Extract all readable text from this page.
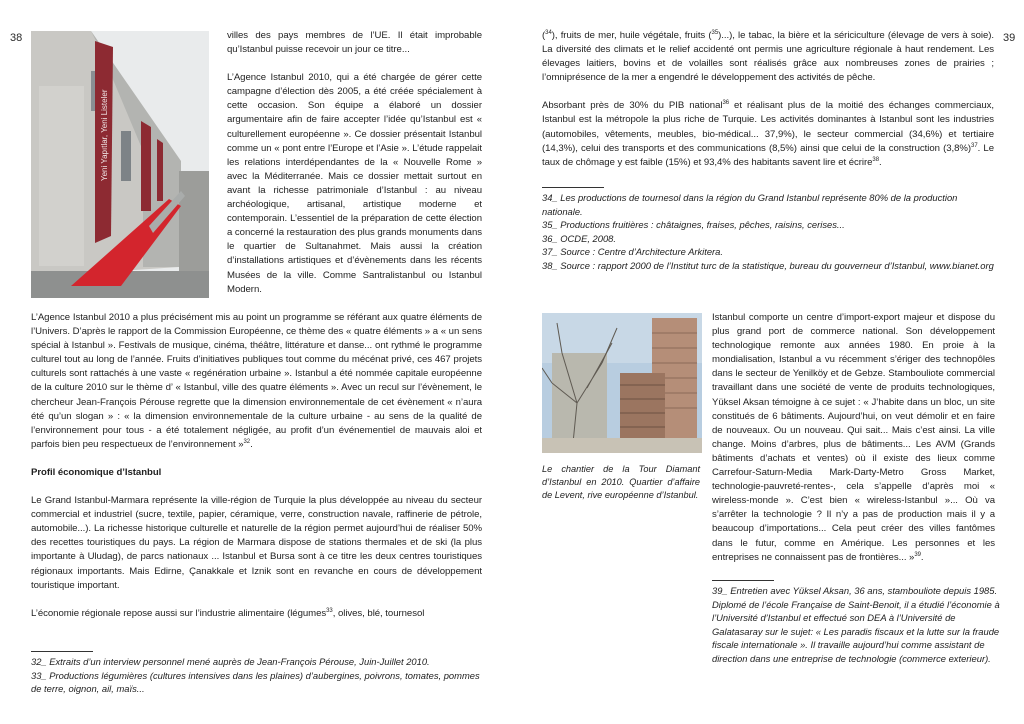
38
Yeni Yapıtlar, Yeni Listeler

villes des pays membres de l’UE. Il était improbable qu’Istanbul puisse recevoir un jour ce titre...

L’Agence Istanbul 2010, qui a été chargée de gérer cette campagne d’élection dès 2005, a été créée spécialement à cette occasion. Son équipe a élaboré un dossier argumentaire afin de faire accepter l’idée qu’Istanbul est « culturellement européenne ». Ce dossier présentait Istanbul comme un « pont entre l’Europe et l’Asie ». L’étude rappelait les relations interdépendantes de la « Nouvelle Rome » avec la Méditerranée. Mais ce dossier mettait surtout en avant la richesse patrimoniale d’Istanbul : au niveau archéologique, artisanal, artistique moderne et contemporain. L’essentiel de la préparation de cette élection a concerné la restauration des plus grands monuments dans le quartier de Sultanahmet. Mais aussi la création d’installations artistiques et d’évènements dans les récents Musées de la ville. Comme Santralistanbul ou Istanbul Modern.

L’Agence Istanbul 2010 a plus précisément mis au point un programme se référant aux quatre éléments de l’Univers. D’après le rapport de la Commission Européenne, ce thème des « quatre éléments » a « un sens spécial à Istanbul ». Festivals de musique, cinéma, théâtre, littérature et danse... ont rythmé le programme culturel tout au long de l’année. Fruits d’initiatives publiques tout comme du mécénat privé, ces 467 projets culturels sont rattachés à une vaste « regénération urbaine ». Istanbul a été nommée capitale européenne de la culture 2010 sur le thème d’ « Istanbul, ville des quatre éléments ». Avec un recul sur l’évènement, le chercheur Jean-François Pérouse regrette que la dimension environnementale de cet évènement « n’aura été qu’un slogan » : « la dimension environnementale de la culture urbaine - au sens de la qualité de l’environnement pour tous - a été totalement négligée, au profit d’un événementiel de mauvais aloi et parfois bien peu respectueux de l’environnement »$^{32}$.

Profil économique d’Istanbul

Le Grand Istanbul-Marmara représente la ville-région de Turquie la plus développée au niveau du secteur commercial et industriel (sucre, textile, papier, céramique, verre, construction navale, raffinerie de pétrole, automobile...). La richesse historique culturelle et naturelle de la région permet aujourd’hui de réaliser 50% des recettes touristiques du pays. La région de Marmara dispose de stations thermales et de ski (la plus importante à Uludag), de parcs nationaux ... Istanbul et Bursa sont à ce titre les deux centres touristiques régionaux importants. Mais Edirne, Çanakkale et Iznik sont en revanche en cours de développement touristique important.

L’économie régionale repose aussi sur l’industrie alimentaire (légumes$^{33}$, olives, blé, tournesol

32_ Extraits d’un interview personnel mené auprès de Jean-François Pérouse, Juin-Juillet 2010.

33_ Productions légumières (cultures intensives dans les plaines) d’aubergines, poivrons, tomates, pommes de terre, oignon, ail, maïs...

39

($^{34}$), fruits de mer, huile végétale, fruits ($^{35}$)...), le tabac, la bière et la sériciculture (élevage de vers à soie). La diversité des climats et le relief accidenté ont permis une agriculture régionale à haut rendement. Les élevages laitiers, bovins et de volailles sont réalisés grâce aux nombreuses zones de prairies ; l’omniprésence de la mer a engendré le développement des activités de pêche.

Absorbant près de 30% du PIB national$^{36}$ et réalisant plus de la moitié des échanges commerciaux, Istanbul est la métropole la plus riche de Turquie. Les activités dominantes à Istanbul sont les industries (automobiles, vêtements, meubles, bio-médical... 37,9%), le secteur commercial (34,6%) et tertiaire (14,3%), celui des transports et des communications (8,5%) ainsi que celui de la construction $(3,8\%)^{37}$. Le taux de chômage y est faible (15%) et 93,4% des habitants savent lire et écrire$^{38}$.

34_ Les productions de tournesol dans la région du Grand Istanbul représente 80% de la production nationale.

35_ Productions fruitières : châtaignes, fraises, pêches, raisins, cerises...

36_ OCDE, 2008.

37_ Source : Centre d’Architecture Arkitera.

38_ Source : rapport 2000 de l’Institut turc de la statistique, bureau du gouverneur d’Istanbul, www.bianet.org

Le chantier de la Tour Diamant d’Istanbul en 2010. Quartier d’affaire de Levent, rive européenne d’Istanbul.

Istanbul comporte un centre d’import-export majeur et dispose du plus grand port de commerce national. Son développement technologique remonte aux années 1980. En proie à la mondialisation, Istanbul a vu récemment s’ériger des technopôles dans le secteur de Yenilköy et de Gebze. Stambouliote commercial travaillant dans une société de vente de produits technologiques, Yüksel Aksan témoigne à ce sujet : « J’habite dans un bloc, un site constitués de 6 bâtiments. Aujourd’hui, on veut démolir et en faire de nouveaux. Ou un nouveau. Qui sait... Mais c’est ainsi. La ville change. Moins d’arbres, plus de bâtiments... Les AVM (Grands bâtiments d’achats et ventes) où il existe des lieux comme Carrefour-Saturn-Media Mark-Darty-Metro Gross Market, technologie-pauvreté-rentes-, cela s’appelle d’après moi « wireless-monde ». C’est bien « wireless-Istanbul »... Où va s’arrêter la technologie ? Il n’y a pas de production mais il y a beaucoup d’importations... Cela peut créer des villes fantômes dans le futur, comme en Amérique. Les personnes et les entreprises ne connaissent pas de frontières... »$^{39}$.

39_ Entretien avec Yüksel Aksan, 36 ans, stambouliote depuis 1985. Diplomé de l’école Française de Saint-Benoit, il a étudié l’économie à l’Université d’Istanbul et effectué son DEA à l’Université de Galatasaray sur le sujet: « Les paradis fiscaux et la lutte sur la fraude fiscale internationale ». Il travaille aujourd’hui comme assistant de direction dans une entreprise de technologie (commerce exterieur).
